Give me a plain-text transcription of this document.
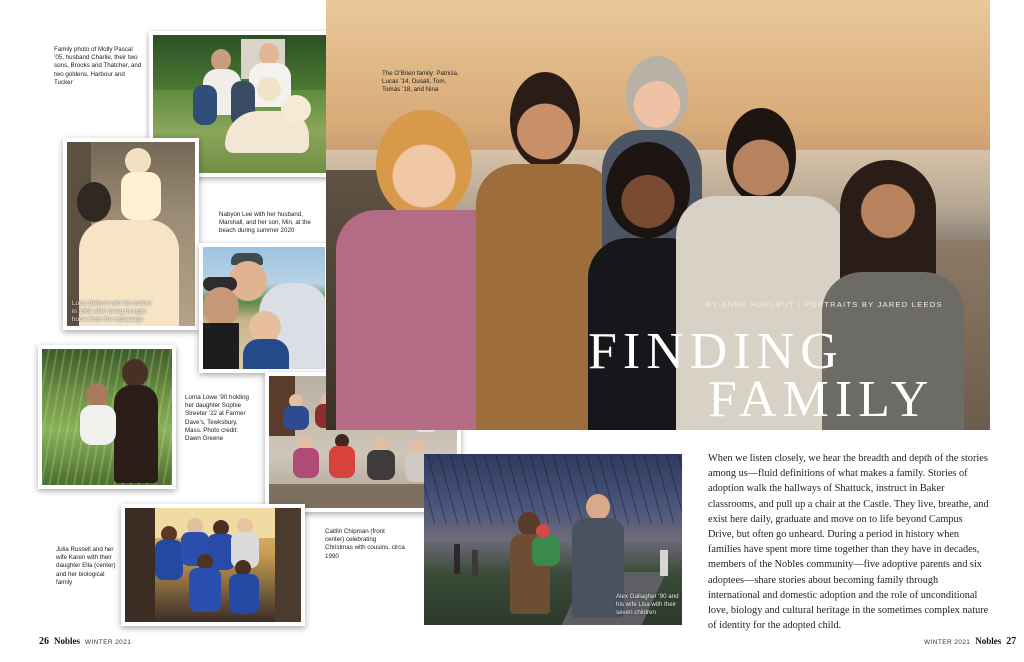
Family photo of Molly Pascal ’05, husband Charlie, their two sons, Brooks and Thatcher, and two goldens, Harbour and Tucker
Louis Ballesti with his mother in 1962 after being brought home from the orphanage
Nabyon Lee with her husband, Marshall, and her son, Min, at the beach during summer 2020
Lorna Lowe ’90 holding her daughter Sophie Streeter ’22 at Farmer Dave’s, Tewksbury, Mass. Photo credit: Dawn Greene
Caitlin Chipman (front center) celebrating Christmas with cousins, circa 1990
Julia Russell and her wife Karen with their daughter Ella (center) and her biological family
26 Nobles WINTER 2021
The O’Brien family: Patricia, Lucas ’14, Dusati, Tom, Tomás ’18, and Nina
BY ANNE HURLBUT | PORTRAITS BY JARED LEEDS
FINDING
FAMILY
Alex Gallagher ’90 and his wife Lisa with their seven children
When we listen closely, we hear the breadth and depth of the stories among us—fluid definitions of what makes a family. Stories of adoption walk the hallways of Shattuck, instruct in Baker classrooms, and pull up a chair at the Castle. They live, breathe, and exist here daily, graduate and move on to life beyond Campus Drive, but often go unheard. During a period in history when families have spent more time together than they have in decades, members of the Nobles community—five adoptive parents and six adoptees—share stories about becoming family through international and domestic adoption and the role of unconditional love, biology and cultural heritage in the sometimes complex nature of identity for the adopted child.
WINTER 2021 Nobles 27
